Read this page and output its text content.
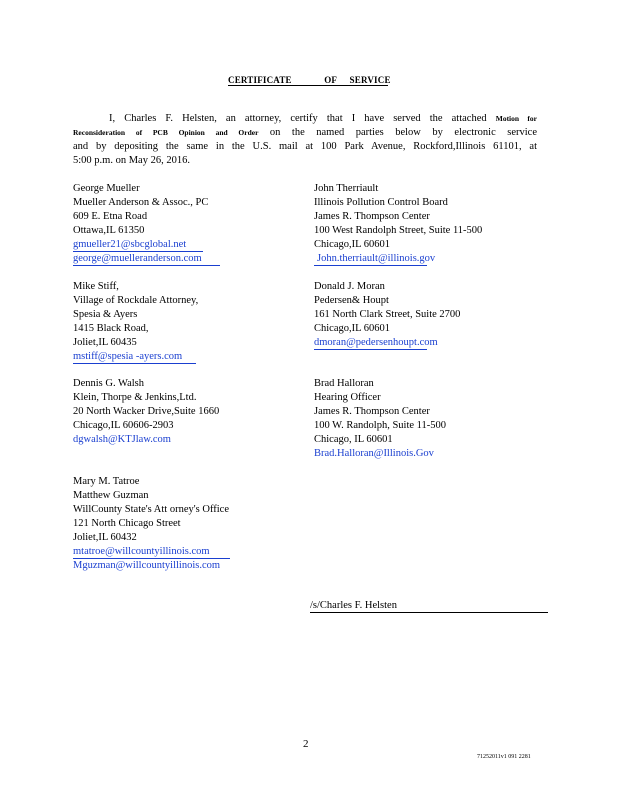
CERTIFICATE	OF SERVICE
I, Charles F. Helsten, an attorney, certify that I have served the attached Motion for
Reconsideration of PCB Opinion and Order on the named parties below by electronic service
and by depositing the same in the U.S. mail at 100 Park Avenue, Rockford,Illinois 61101, at
5:00 p.m. on May 26, 2016.
George Mueller
Mueller Anderson & Assoc., PC
609 E. Etna Road
Ottawa,IL 61350
gmueller21@sbcglobal.net
george@muelleranderson.com
John Therriault
Illinois Pollution Control Board
James R. Thompson Center
100 West Randolph Street, Suite 11-500
Chicago,IL 60601
John.therriault@illinois.gov
Mike Stiff,
Village of Rockdale Attorney,
Spesia & Ayers
1415 Black Road,
Joliet,IL 60435
mstiff@spesia -ayers.com
Donald J. Moran
Pedersen& Houpt
161 North Clark Street, Suite 2700
Chicago,IL 60601
dmoran@pedersenhoupt.com
Dennis G. Walsh
Klein, Thorpe & Jenkins,Ltd.
20 North Wacker Drive,Suite 1660
Chicago,IL 60606-2903
dgwalsh@KTJlaw.com
Brad Halloran
Hearing Officer
James R. Thompson Center
100 W. Randolph, Suite 11-500
Chicago, IL 60601
Brad.Halloran@Illinois.Gov
Mary M. Tatroe
Matthew Guzman
WillCounty State's Att orney's Office
121 North Chicago Street
Joliet,IL 60432
mtatroe@willcountyillinois.com
Mguzman@willcountyillinois.com
/s/Charles F. Helsten
2
71252011v1 091 2281
